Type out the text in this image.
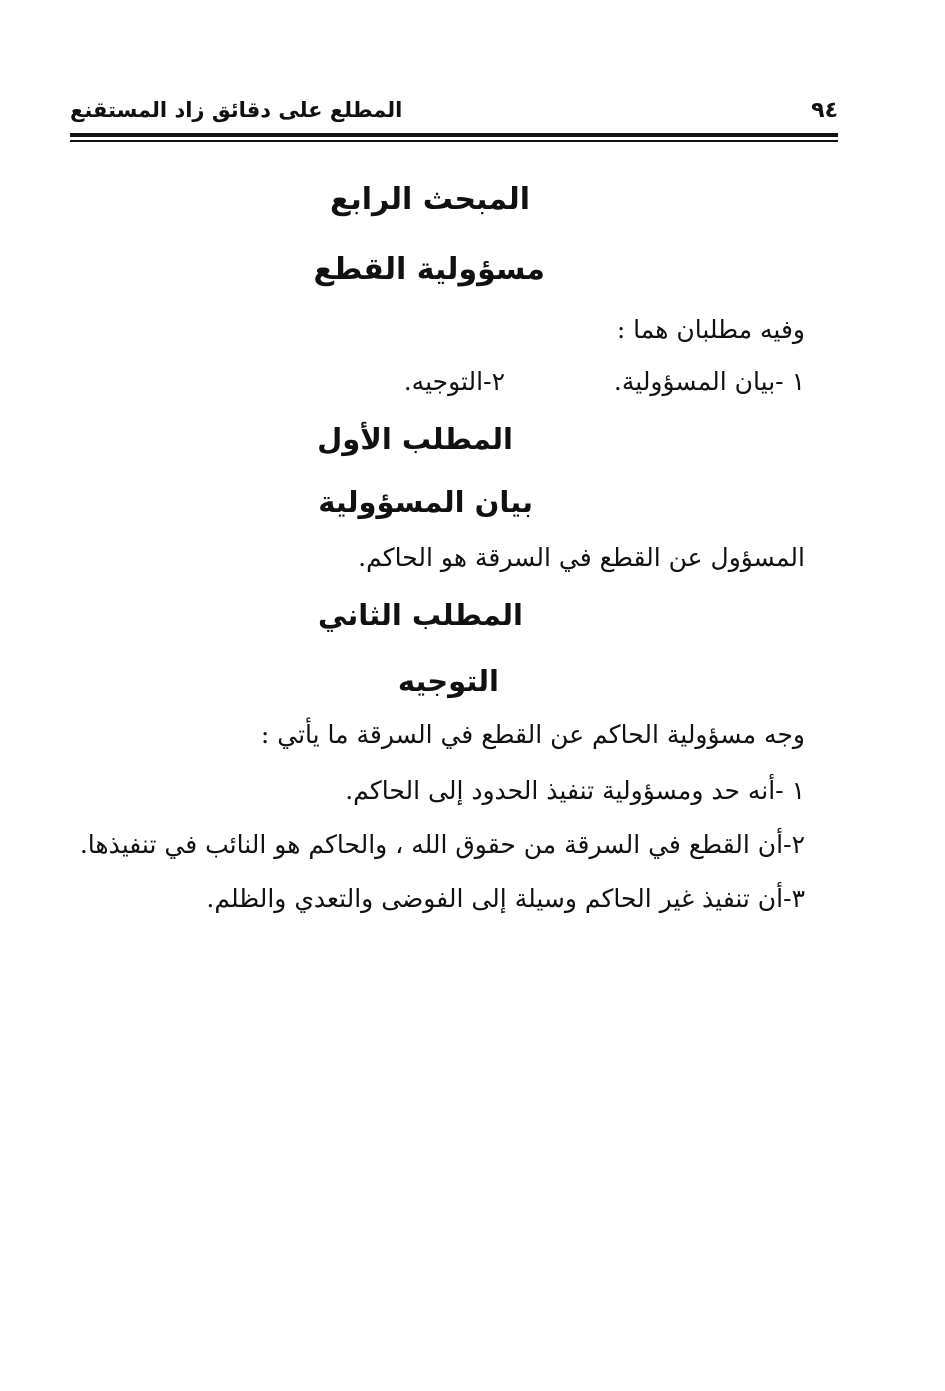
٩٤
المطلع على دقائق زاد المستقنع
المبحث الرابع
مسؤولية القطع
وفيه مطلبان هما :
١ -بيان المسؤولية.
٢-التوجيه.
المطلب الأول
بيان المسؤولية
المسؤول عن القطع في السرقة هو الحاكم.
المطلب الثاني
التوجيه
وجه مسؤولية الحاكم عن القطع في السرقة ما يأتي :
١ -أنه حد ومسؤولية تنفيذ الحدود إلى الحاكم.
٢-أن القطع في السرقة من حقوق الله ، والحاكم هو النائب في تنفيذها.
٣-أن تنفيذ غير الحاكم وسيلة إلى الفوضى والتعدي والظلم.
